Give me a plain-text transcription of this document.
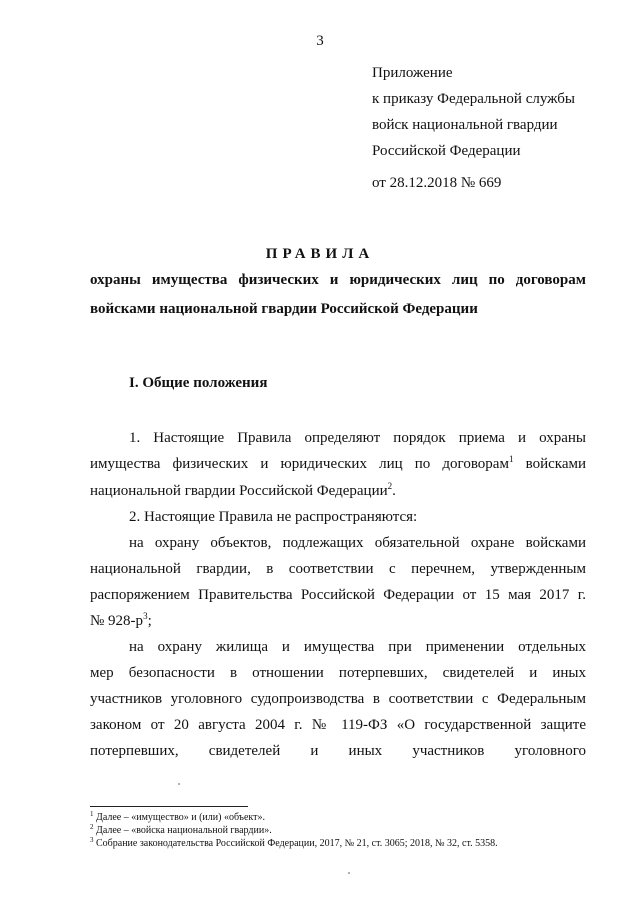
3
Приложение
к приказу Федеральной службы
войск национальной гвардии
Российской Федерации
от 28.12.2018 № 669
ПРАВИЛА
охраны имущества физических и юридических лиц по договорам
войсками национальной гвардии Российской Федерации
I. Общие положения
1. Настоящие Правила определяют порядок приема и охраны
имущества физических и юридических лиц по договорам$^1$ войсками
национальной гвардии Российской Федерации$^2$.
2. Настоящие Правила не распространяются:
на охрану объектов, подлежащих обязательной охране войсками
национальной гвардии, в соответствии с перечнем, утвержденным
распоряжением Правительства Российской Федерации от 15 мая 2017 г.
№ $928-р^3$;
на охрану жилища и имущества при применении отдельных
мер безопасности в отношении потерпевших, свидетелей и иных
участников уголовного судопроизводства в соответствии с Федеральным
законом от 20 августа 2004 г. № 119-ФЗ «О государственной защите
потерпевших, свидетелей и иных участников уголовного
$^1$ Далее – «имущество» и (или) «объект».
$^2$ Далее – «войска национальной гвардии».
$^3$ Собрание законодательства Российской Федерации, 2017, № 21, ст. 3065; 2018, № 32, ст. 5358.
